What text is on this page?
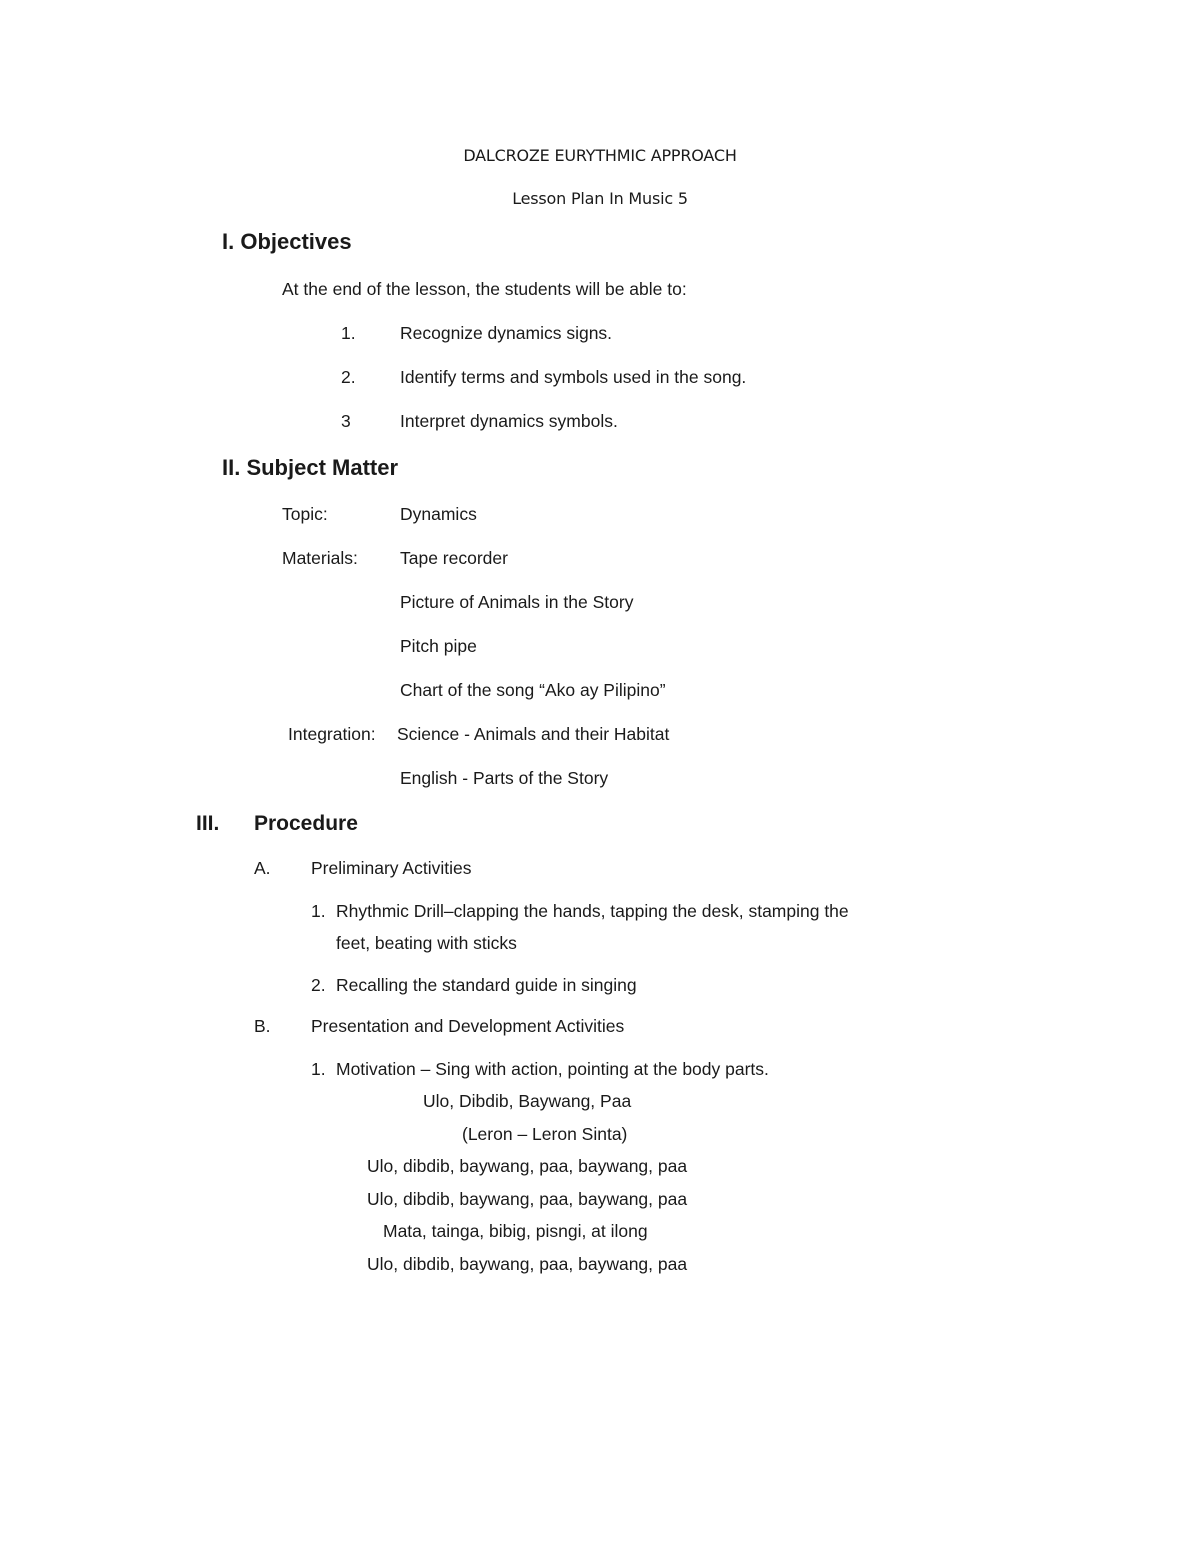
DALCROZE EURYTHMIC APPROACH
Lesson Plan In Music 5
I. Objectives
At the end of the lesson, the students will be able to:
1.	Recognize dynamics signs.
2.	Identify terms and symbols used in the song.
3	Interpret dynamics symbols.
II. Subject Matter
Topic:	Dynamics
Materials: Tape recorder
Picture of Animals in the Story
Pitch pipe
Chart of the song “Ako ay Pilipino”
Integration: Science - Animals and their Habitat
English - Parts of the Story
III. Procedure
A. Preliminary Activities
1. Rhythmic Drill–clapping the hands, tapping the desk, stamping the
feet, beating with sticks
2. Recalling the standard guide in singing
B. Presentation and Development Activities
1. Motivation – Sing with action, pointing at the body parts.
Ulo, Dibdib, Baywang, Paa
(Leron – Leron Sinta)
Ulo, dibdib, baywang, paa, baywang, paa
Ulo, dibdib, baywang, paa, baywang, paa
Mata, tainga, bibig, pisngi, at ilong
Ulo, dibdib, baywang, paa, baywang, paa
